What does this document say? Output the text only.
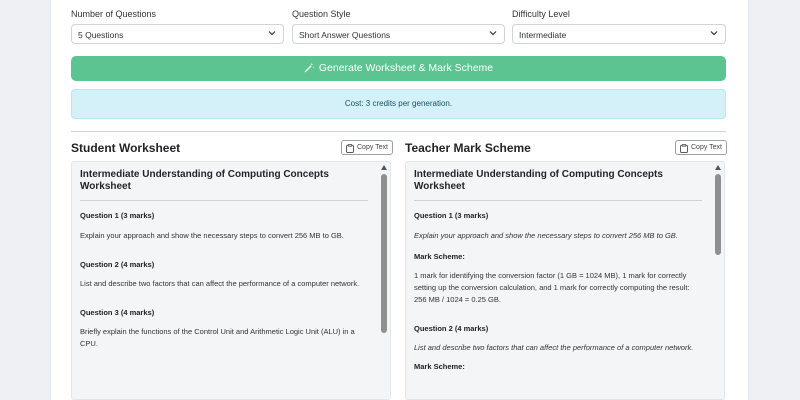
Number of Questions	Question Style	Difficulty Level
5 Questions	Short Answer Questions	Intermediate
Generate Worksheet & Mark Scheme
Cost: 3 credits per generation.
Student Worksheet	Copy Text	Teacher Mark Scheme	Copy Text
Intermediate Understanding of Computing Concepts Worksheet
Question 1 (3 marks)
Explain your approach and show the necessary steps to convert 256 MB to GB.
Question 2 (4 marks)
List and describe two factors that can affect the performance of a computer network.
Question 3 (4 marks)
Briefly explain the functions of the Control Unit and Arithmetic Logic Unit (ALU) in a CPU.
Intermediate Understanding of Computing Concepts Worksheet
Question 1 (3 marks)
Explain your approach and show the necessary steps to convert 256 MB to GB.
Mark Scheme:
1 mark for identifying the conversion factor (1 GB = 1024 MB), 1 mark for correctly setting up the conversion calculation, and 1 mark for correctly computing the result: 256 MB / 1024 = 0.25 GB.
Question 2 (4 marks)
List and describe two factors that can affect the performance of a computer network.
Mark Scheme:
